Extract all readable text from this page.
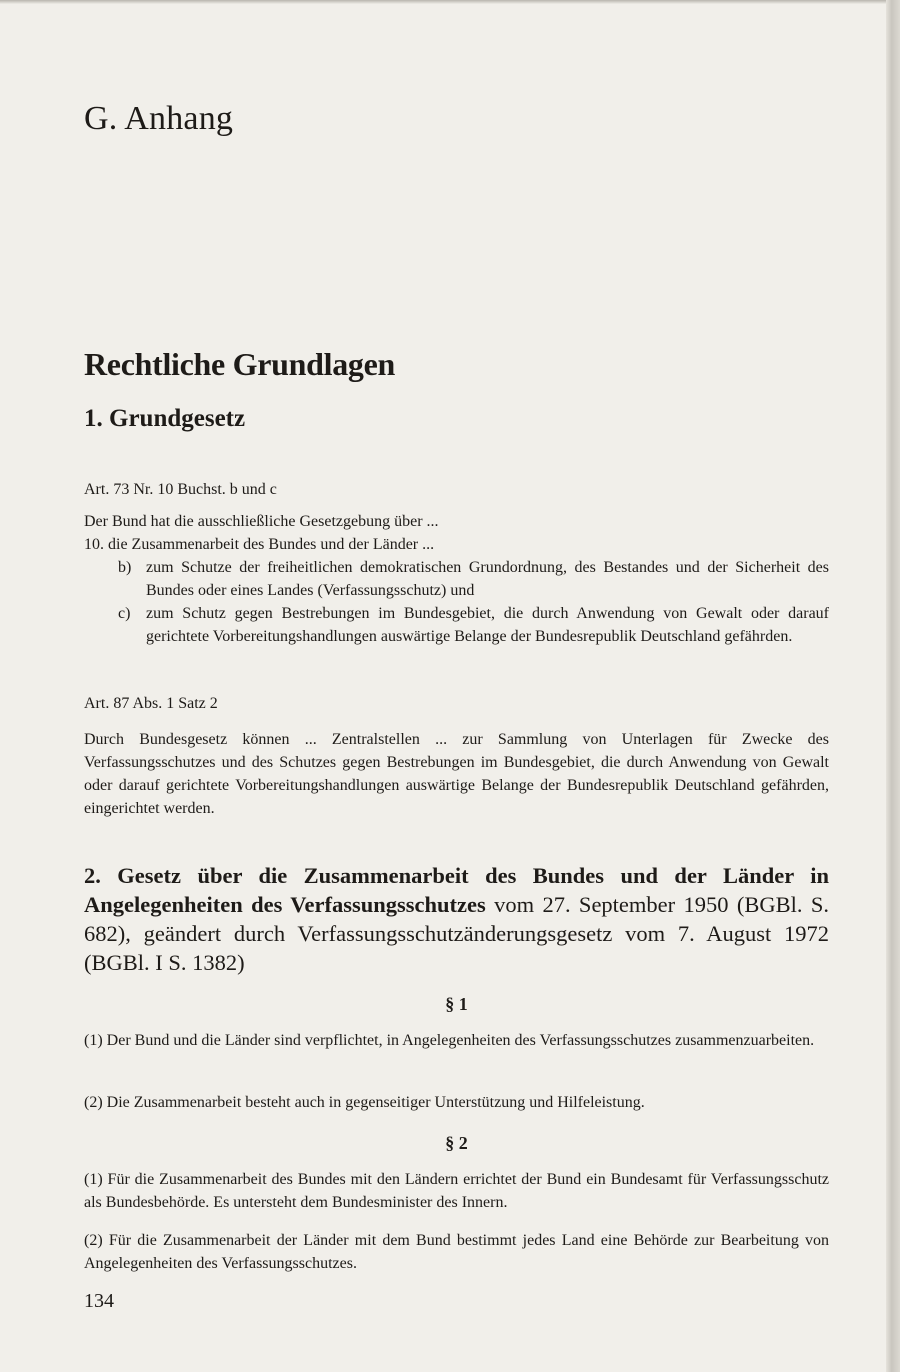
G. Anhang
Rechtliche Grundlagen
1. Grundgesetz

Art. 73 Nr. 10 Buchst. b und c

Der Bund hat die ausschließliche Gesetzgebung über ...
10. die Zusammenarbeit des Bundes und der Länder ...
b) zum Schutze der freiheitlichen demokratischen Grundordnung, des Bestandes und der Sicherheit des Bundes oder eines Landes (Verfassungsschutz) und
c) zum Schutz gegen Bestrebungen im Bundesgebiet, die durch Anwendung von Gewalt oder darauf gerichtete Vorbereitungshandlungen auswärtige Belange der Bundesrepublik Deutschland gefährden.

Art. 87 Abs. 1 Satz 2

Durch Bundesgesetz können ... Zentralstellen ... zur Sammlung von Unterlagen für Zwecke des Verfassungsschutzes und des Schutzes gegen Bestrebungen im Bundesgebiet, die durch Anwendung von Gewalt oder darauf gerichtete Vorbereitungshandlungen auswärtige Belange der Bundesrepublik Deutschland gefährden, eingerichtet werden.

2. Gesetz über die Zusammenarbeit des Bundes und der Länder in Angelegenheiten des Verfassungsschutzes vom 27. September 1950 (BGBl. S. 682), geändert durch Verfassungsschutzänderungsgesetz vom 7. August 1972 (BGBl. I S. 1382)

§ 1

(1) Der Bund und die Länder sind verpflichtet, in Angelegenheiten des Verfassungsschutzes zusammenzuarbeiten.

(2) Die Zusammenarbeit besteht auch in gegenseitiger Unterstützung und Hilfeleistung.

§ 2

(1) Für die Zusammenarbeit des Bundes mit den Ländern errichtet der Bund ein Bundesamt für Verfassungsschutz als Bundesbehörde. Es untersteht dem Bundesminister des Innern.

(2) Für die Zusammenarbeit der Länder mit dem Bund bestimmt jedes Land eine Behörde zur Bearbeitung von Angelegenheiten des Verfassungsschutzes.

134
